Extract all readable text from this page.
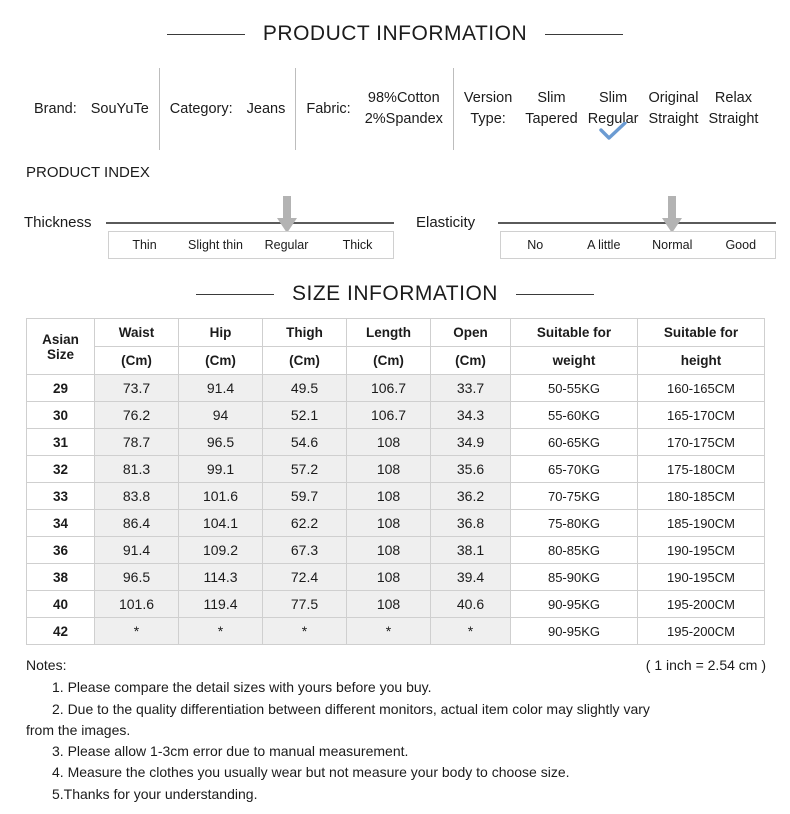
PRODUCT INFORMATION
Brand: SouYuTe Category: Jeans Fabric:
98%Cotton
2%Spandex
Version
Type:
Slim
Tapered
Slim
Regular
Original
Straight
Relax
Straight
PRODUCT INDEX
Thickness
Thin	Slight thin	Regular	Thick
Elasticity
No	A little	Normal	Good
SIZE INFORMATION
Asian
Size	Waist	Hip	Thigh	Length	Open	Suitable for	Suitable for
	(Cm)	(Cm)	(Cm)	(Cm)	(Cm)	weight	height
29	73.7	91.4	49.5	106.7	33.7	50-55KG	160-165CM
30	76.2	94	52.1	106.7	34.3	55-60KG	165-170CM
31	78.7	96.5	54.6	108	34.9	60-65KG	170-175CM
32	81.3	99.1	57.2	108	35.6	65-70KG	175-180CM
33	83.8	101.6	59.7	108	36.2	70-75KG	180-185CM
34	86.4	104.1	62.2	108	36.8	75-80KG	185-190CM
36	91.4	109.2	67.3	108	38.1	80-85KG	190-195CM
38	96.5	114.3	72.4	108	39.4	85-90KG	190-195CM
40	101.6	119.4	77.5	108	40.6	90-95KG	195-200CM
42	*	*	*	*	*	90-95KG	195-200CM
Notes:	( 1 inch = 2.54 cm )
1. Please compare the detail sizes with yours before you buy.
2. Due to the quality differentiation between different monitors, actual item color may slightly vary
from the images.
3. Please allow 1-3cm error due to manual measurement.
4. Measure the clothes you usually wear but not measure your body to choose size.
5.Thanks for your understanding.
